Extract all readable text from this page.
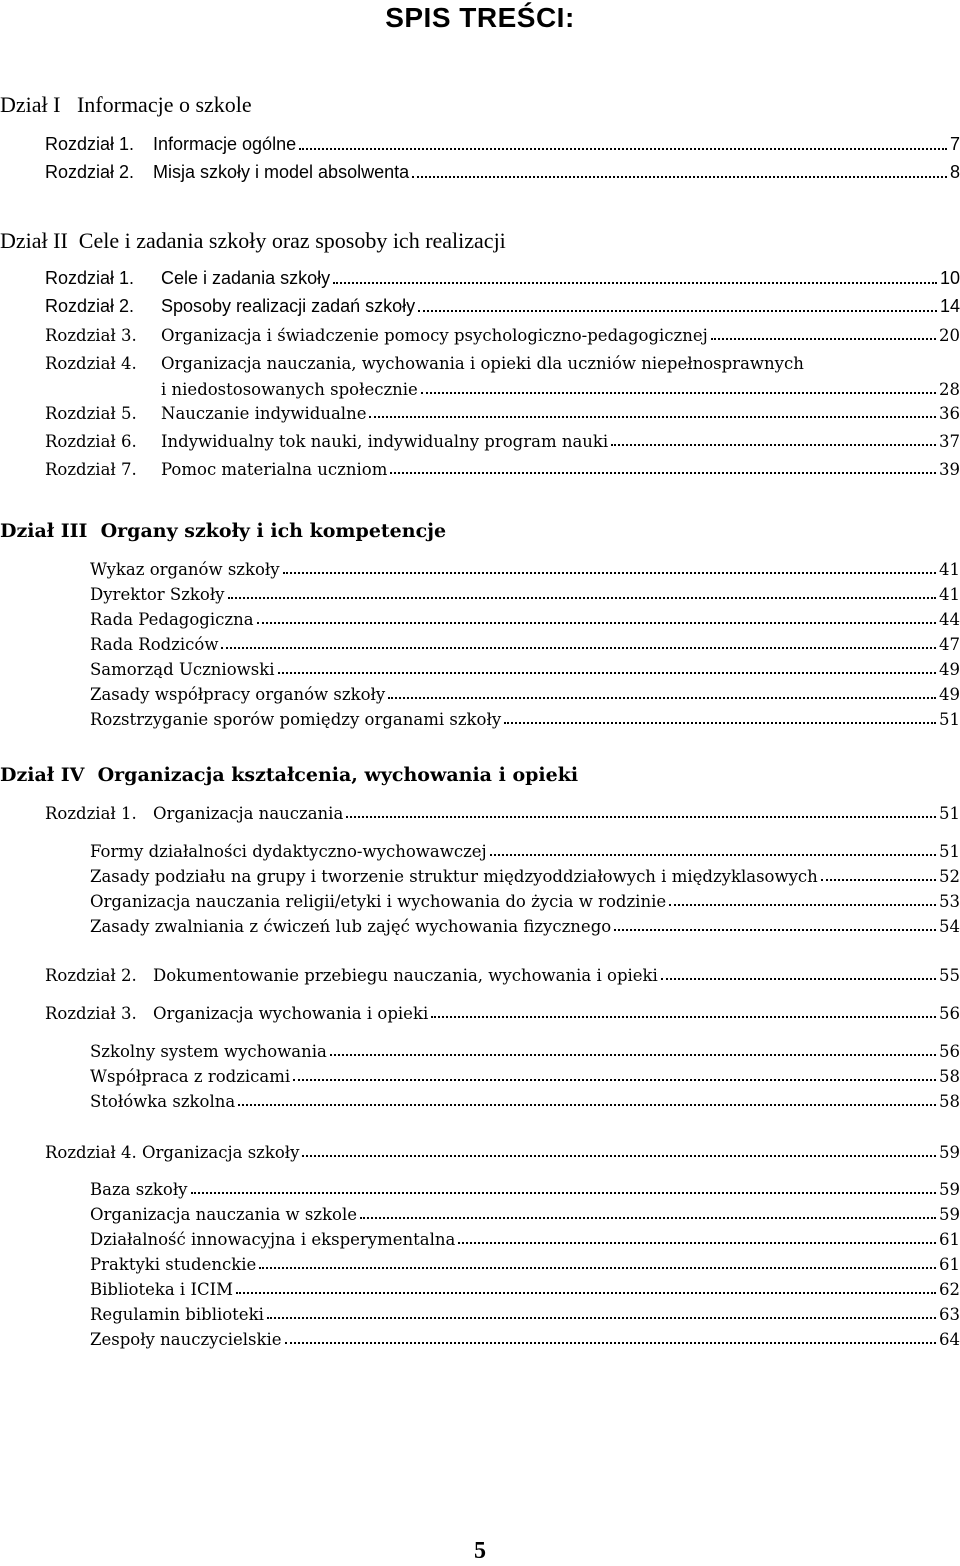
SPIS TREŚCI:
Dział I Informacje o szkole
Rozdział 1.	Informacje ogólne	7
Rozdział 2.	Misja szkoły i model absolwenta	8
Dział II Cele i zadania szkoły oraz sposoby ich realizacji
Rozdział 1.	Cele i zadania szkoły	10
Rozdział 2.	Sposoby realizacji zadań szkoły	14
Rozdział 3.	Organizacja i świadczenie pomocy psychologiczno-pedagogicznej	20
Rozdział 4. Organizacja nauczania, wychowania i opieki dla uczniów niepełnosprawnych
i niedostosowanych społecznie	28
Rozdział 5.	Nauczanie indywidualne	36
Rozdział 6.	Indywidualny tok nauki, indywidualny program nauki	37
Rozdział 7.	Pomoc materialna uczniom	39
Dział III Organy szkoły i ich kompetencje
Wykaz organów szkoły	41
Dyrektor Szkoły	41
Rada Pedagogiczna	44
Rada Rodziców	47
Samorząd Uczniowski	49
Zasady współpracy organów szkoły	49
Rozstrzyganie sporów pomiędzy organami szkoły	51
Dział IV Organizacja kształcenia, wychowania i opieki
Rozdział 1. Organizacja nauczania	51
Formy działalności dydaktyczno-wychowawczej	51
Zasady podziału na grupy i tworzenie struktur międzyoddziałowych i międzyklasowych	52
Organizacja nauczania religii/etyki i wychowania do życia w rodzinie	53
Zasady zwalniania z ćwiczeń lub zajęć wychowania fizycznego	54
Rozdział 2. Dokumentowanie przebiegu nauczania, wychowania i opieki	55
Rozdział 3. Organizacja wychowania i opieki	56
Szkolny system wychowania	56
Współpraca z rodzicami	58
Stołówka szkolna	58
Rozdział 4. Organizacja szkoły	59
Baza szkoły	59
Organizacja nauczania w szkole	59
Działalność innowacyjna i eksperymentalna	61
Praktyki studenckie	61
Biblioteka i ICIM	62
Regulamin biblioteki	63
Zespoły nauczycielskie	64
5
